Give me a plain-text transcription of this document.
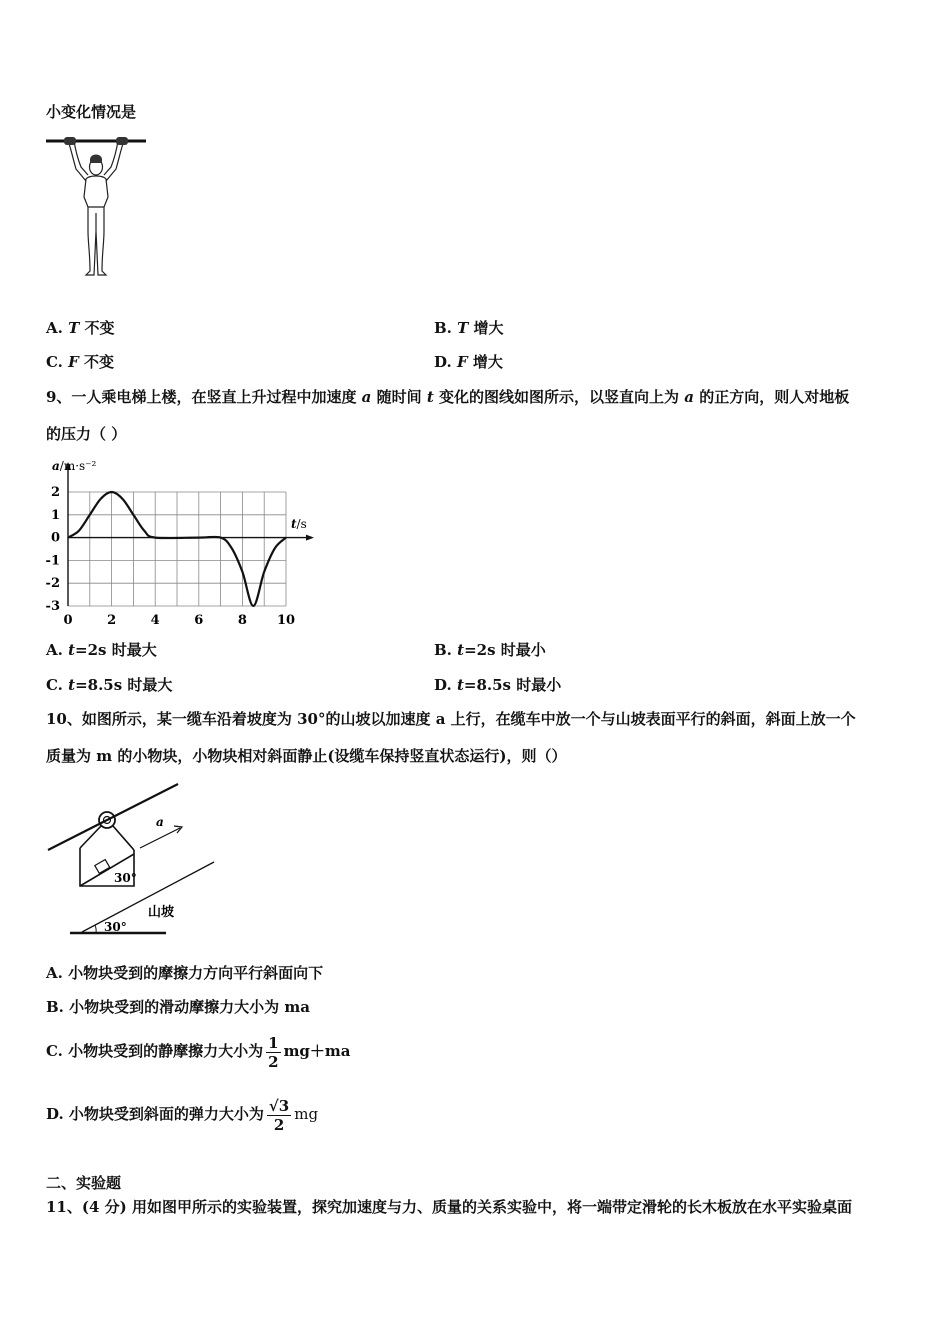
小变化情况是
A. T 不变	B. T 增大
C. F 不变	D. F 增大
9、一人乘电梯上楼，在竖直上升过程中加速度 a 随时间 t 变化的图线如图所示，以竖直向上为 a 的正方向，则人对地板
的压力（ ）
0	2	4	6	8 10
2
1
0
-1
-2
-3
a/m·s⁻²
t/s
A. t=2s 时最大	B. t=2s 时最小
C. t=8.5s 时最大	D. t=8.5s 时最小
10、如图所示，某一缆车沿着坡度为 30°的山坡以加速度 a 上行，在缆车中放一个与山坡表面平行的斜面，斜面上放一个
质量为 m 的小物块，小物块相对斜面静止(设缆车保持竖直状态运行)，则（）
a
30°
山坡
30°
A. 小物块受到的摩擦力方向平行斜面向下
B. 小物块受到的滑动摩擦力大小为 ma
C. 小物块受到的静摩擦力大小为 $\frac{1}{2} mg+ma$
D. 小物块受到斜面的弹力大小为 $\frac{√3}{2}$ mg
二、实验题
11、(4 分) 用如图甲所示的实验装置，探究加速度与力、质量的关系实验中，将一端带定滑轮的长木板放在水平实验桌面
